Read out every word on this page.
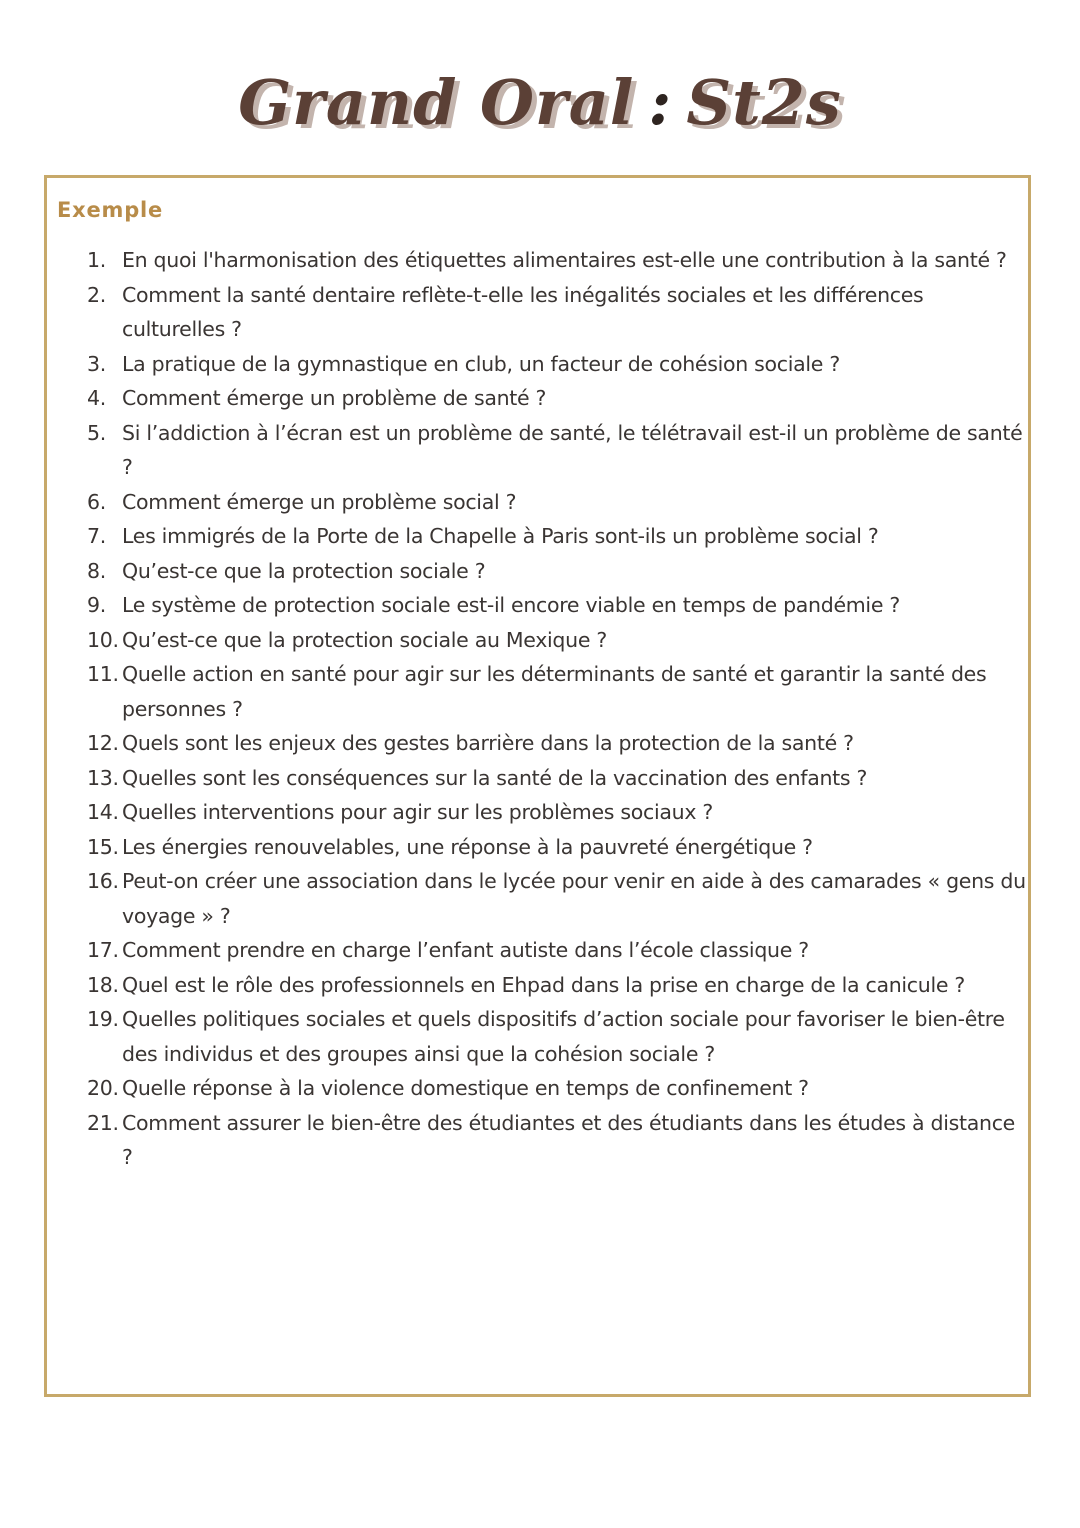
Grand Oral : St2s
Exemple
1. En quoi l'harmonisation des étiquettes alimentaires est-elle une contribution à la santé ?
2. Comment la santé dentaire reflète-t-elle les inégalités sociales et les différences culturelles ?
3. La pratique de la gymnastique en club, un facteur de cohésion sociale ?
4. Comment émerge un problème de santé ?
5. Si l’addiction à l’écran est un problème de santé, le télétravail est-il un problème de santé ?
6. Comment émerge un problème social ?
7. Les immigrés de la Porte de la Chapelle à Paris sont-ils un problème social ?
8. Qu’est-ce que la protection sociale ?
9. Le système de protection sociale est-il encore viable en temps de pandémie ?
10. Qu’est-ce que la protection sociale au Mexique ?
11. Quelle action en santé pour agir sur les déterminants de santé et garantir la santé des personnes ?
12. Quels sont les enjeux des gestes barrière dans la protection de la santé ?
13. Quelles sont les conséquences sur la santé de la vaccination des enfants ?
14. Quelles interventions pour agir sur les problèmes sociaux ?
15. Les énergies renouvelables, une réponse à la pauvreté énergétique ?
16. Peut-on créer une association dans le lycée pour venir en aide à des camarades « gens du voyage » ?
17. Comment prendre en charge l’enfant autiste dans l’école classique ?
18. Quel est le rôle des professionnels en Ehpad dans la prise en charge de la canicule ?
19. Quelles politiques sociales et quels dispositifs d’action sociale pour favoriser le bien-être des individus et des groupes ainsi que la cohésion sociale ?
20. Quelle réponse à la violence domestique en temps de confinement ?
21. Comment assurer le bien-être des étudiantes et des étudiants dans les études à distance ?
